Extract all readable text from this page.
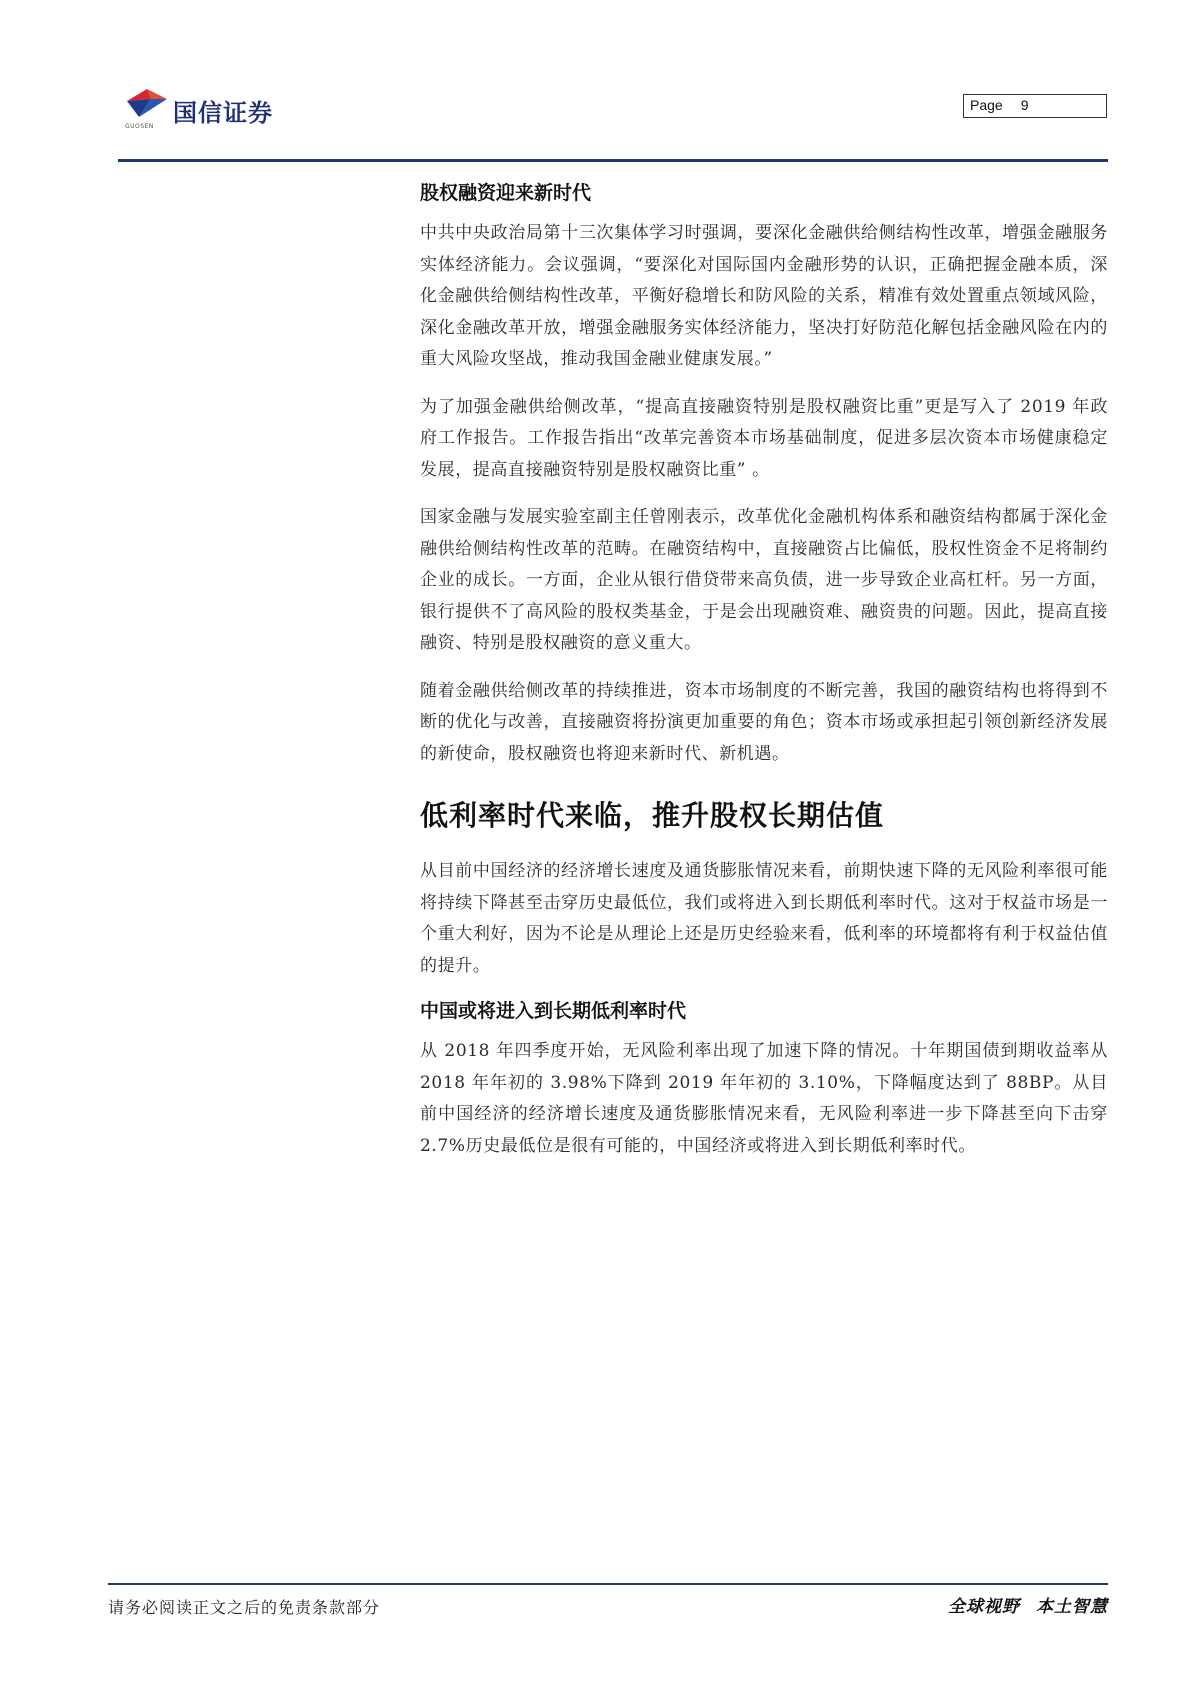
国信证券
GUOSEN
Page 9
股权融资迎来新时代

中共中央政治局第十三次集体学习时强调，要深化金融供给侧结构性改革，增强金融服务实体经济能力。会议强调，“要深化对国际国内金融形势的认识，正确把握金融本质，深化金融供给侧结构性改革，平衡好稳增长和防风险的关系，精准有效处置重点领域风险，深化金融改革开放，增强金融服务实体经济能力，坚决打好防范化解包括金融风险在内的重大风险攻坚战，推动我国金融业健康发展。”

为了加强金融供给侧改革，“提高直接融资特别是股权融资比重”更是写入了 2019 年政府工作报告。工作报告指出“改革完善资本市场基础制度，促进多层次资本市场健康稳定发展，提高直接融资特别是股权融资比重” 。

国家金融与发展实验室副主任曾刚表示，改革优化金融机构体系和融资结构都属于深化金融供给侧结构性改革的范畴。在融资结构中，直接融资占比偏低，股权性资金不足将制约企业的成长。一方面，企业从银行借贷带来高负债，进一步导致企业高杠杆。另一方面，银行提供不了高风险的股权类基金，于是会出现融资难、融资贵的问题。因此，提高直接融资、特别是股权融资的意义重大。

随着金融供给侧改革的持续推进，资本市场制度的不断完善，我国的融资结构也将得到不断的优化与改善，直接融资将扮演更加重要的角色；资本市场或承担起引领创新经济发展的新使命，股权融资也将迎来新时代、新机遇。

低利率时代来临，推升股权长期估值

从目前中国经济的经济增长速度及通货膨胀情况来看，前期快速下降的无风险利率很可能将持续下降甚至击穿历史最低位，我们或将进入到长期低利率时代。这对于权益市场是一个重大利好，因为不论是从理论上还是历史经验来看，低利率的环境都将有利于权益估值的提升。

中国或将进入到长期低利率时代

从 2018 年四季度开始，无风险利率出现了加速下降的情况。十年期国债到期收益率从 2018 年年初的 3.98%下降到 2019 年年初的 3.10%，下降幅度达到了 88BP。从目前中国经济的经济增长速度及通货膨胀情况来看，无风险利率进一步下降甚至向下击穿 2.7%历史最低位是很有可能的，中国经济或将进入到长期低利率时代。

请务必阅读正文之后的免责条款部分	全球视野 本土智慧
